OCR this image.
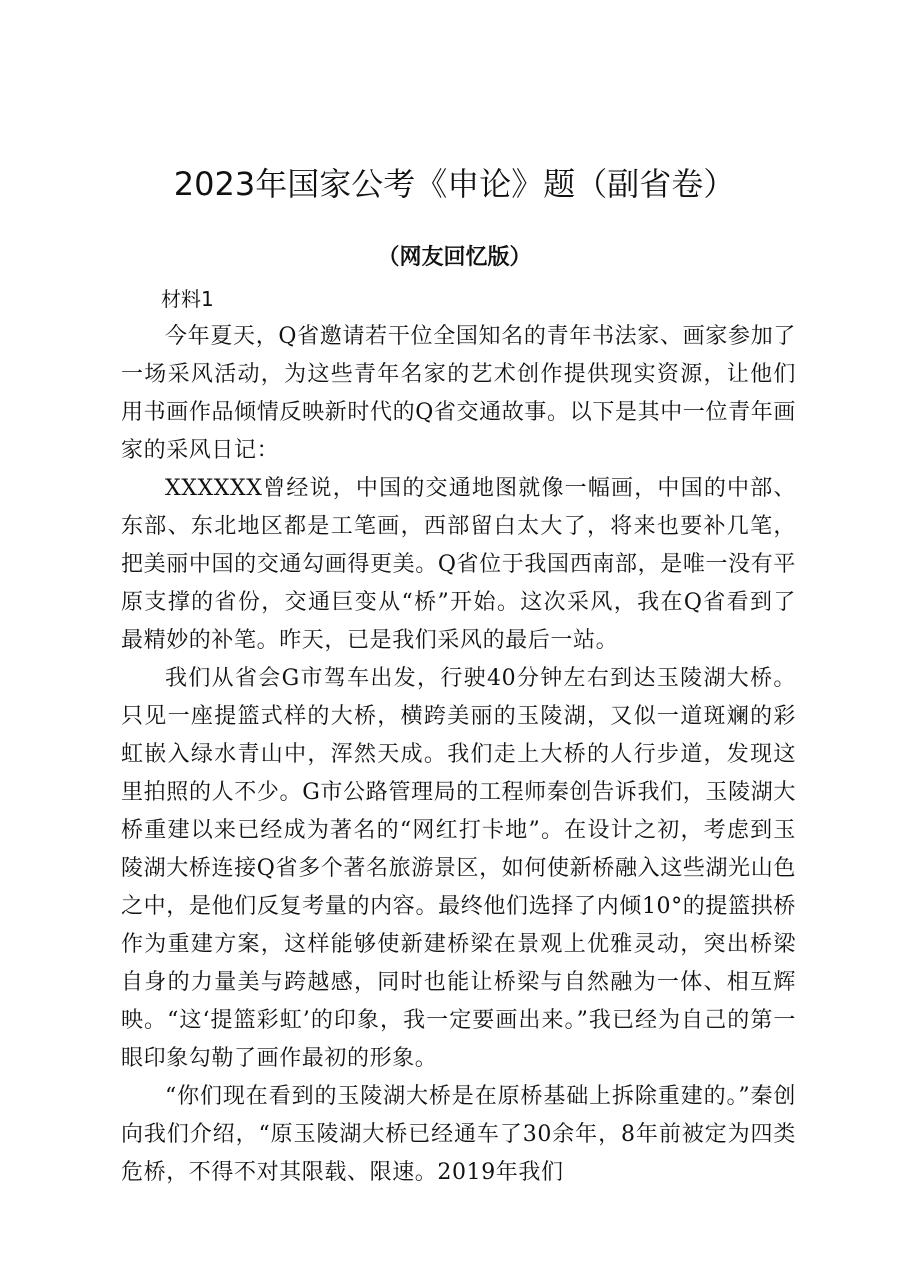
2023年国家公考《申论》题（副省卷）
（网友回忆版）

材料1

今年夏天，Q省邀请若干位全国知名的青年书法家、画家参加了一场采风活动，为这些青年名家的艺术创作提供现实资源，让他们用书画作品倾情反映新时代的Q省交通故事。以下是其中一位青年画家的采风日记：

XXXXXX曾经说，中国的交通地图就像一幅画，中国的中部、东部、东北地区都是工笔画，西部留白太大了，将来也要补几笔，把美丽中国的交通勾画得更美。Q省位于我国西南部，是唯一没有平原支撑的省份，交通巨变从“桥”开始。这次采风，我在Q省看到了最精妙的补笔。昨天，已是我们采风的最后一站。

我们从省会G市驾车出发，行驶40分钟左右到达玉陵湖大桥。只见一座提篮式样的大桥，横跨美丽的玉陵湖，又似一道斑斓的彩虹嵌入绿水青山中，浑然天成。我们走上大桥的人行步道，发现这里拍照的人不少。G市公路管理局的工程师秦创告诉我们，玉陵湖大桥重建以来已经成为著名的“网红打卡地”。在设计之初，考虑到玉陵湖大桥连接Q省多个著名旅游景区，如何使新桥融入这些湖光山色之中，是他们反复考量的内容。最终他们选择了内倾10°的提篮拱桥作为重建方案，这样能够使新建桥梁在景观上优雅灵动，突出桥梁自身的力量美与跨越感，同时也能让桥梁与自然融为一体、相互辉映。“这‘提篮彩虹’的印象，我一定要画出来。”我已经为自己的第一眼印象勾勒了画作最初的形象。

“你们现在看到的玉陵湖大桥是在原桥基础上拆除重建的。”秦创向我们介绍，“原玉陵湖大桥已经通车了30余年，8年前被定为四类危桥，不得不对其限载、限速。2019年我们
